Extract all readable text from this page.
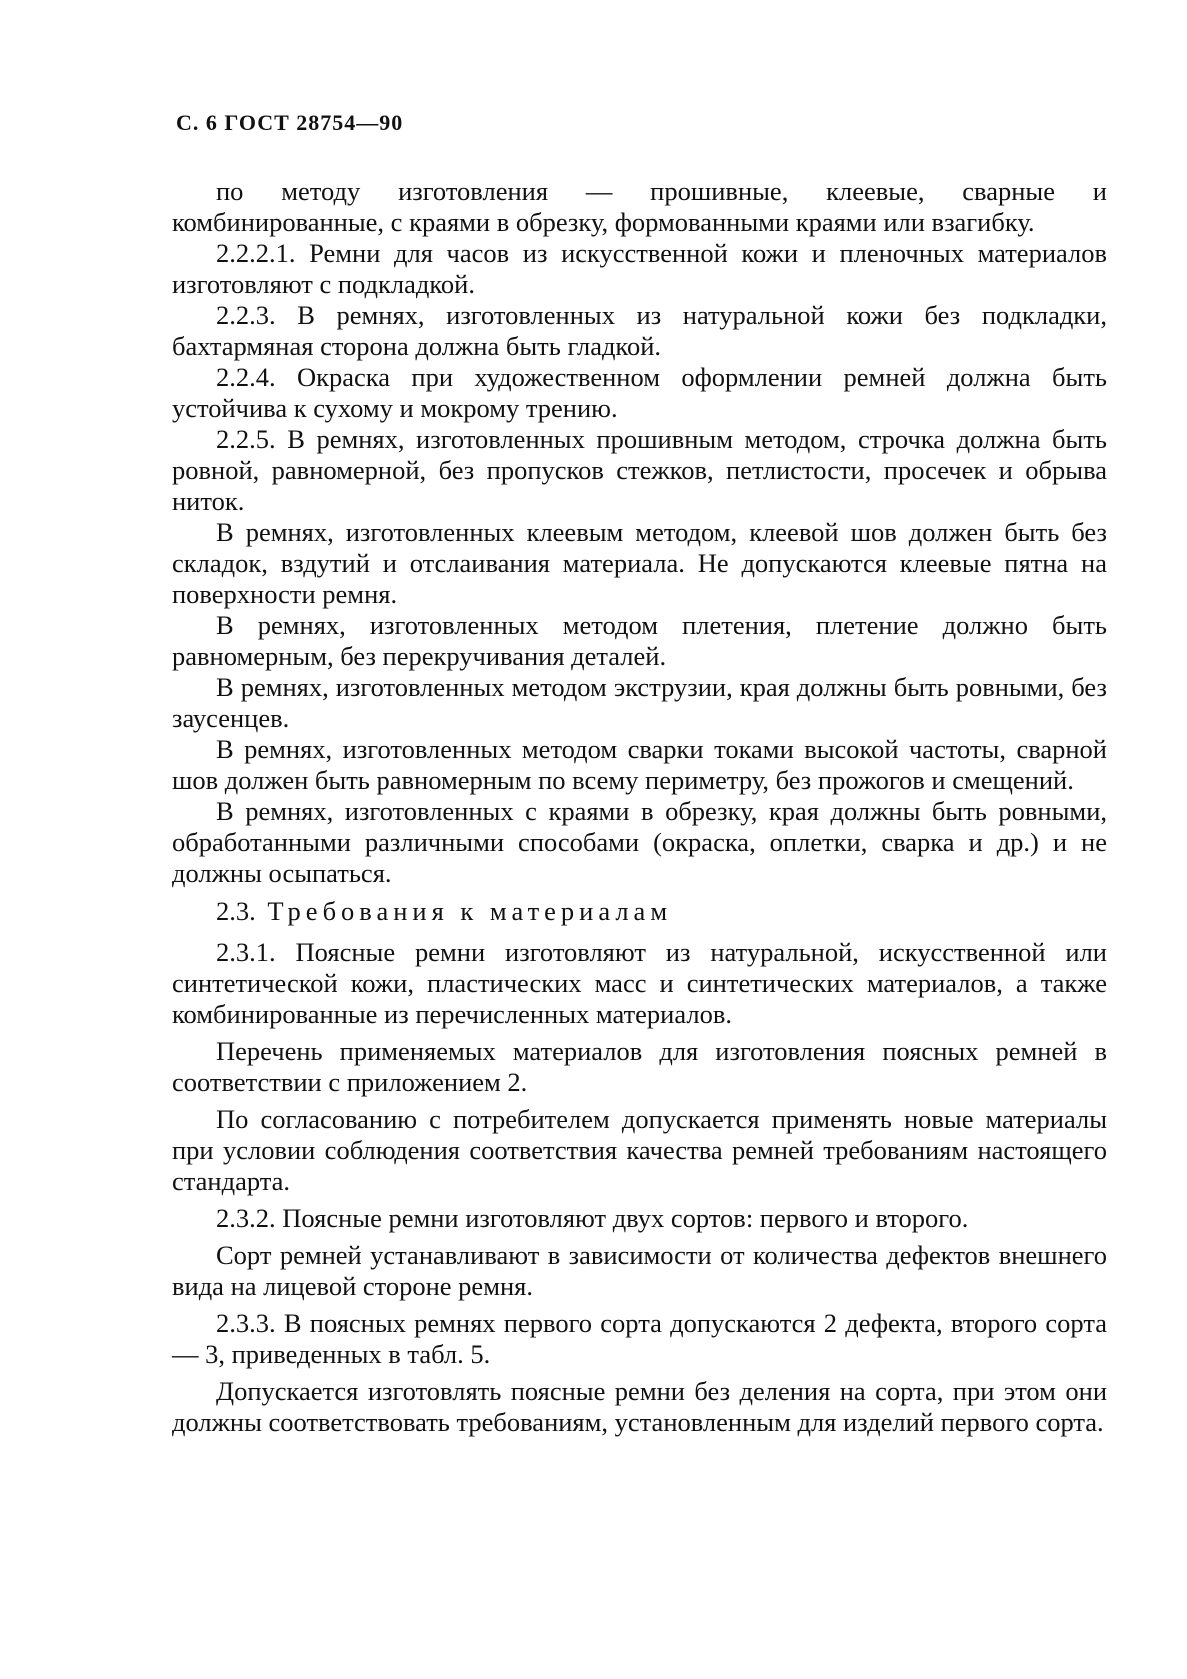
С. 6 ГОСТ 28754—90

по методу изготовления — прошивные, клеевые, сварные и комбинированные, с краями в обрезку, формованными краями или взагибку.

2.2.2.1. Ремни для часов из искусственной кожи и пленочных материалов изготовляют с подкладкой.

2.2.3. В ремнях, изготовленных из натуральной кожи без подкладки, бахтармяная сторона должна быть гладкой.

2.2.4. Окраска при художественном оформлении ремней должна быть устойчива к сухому и мокрому трению.

2.2.5. В ремнях, изготовленных прошивным методом, строчка должна быть ровной, равномерной, без пропусков стежков, петлистости, просечек и обрыва ниток.

В ремнях, изготовленных клеевым методом, клеевой шов должен быть без складок, вздутий и отслаивания материала. Не допускаются клеевые пятна на поверхности ремня.

В ремнях, изготовленных методом плетения, плетение должно быть равномерным, без перекручивания деталей.

В ремнях, изготовленных методом экструзии, края должны быть ровными, без заусенцев.

В ремнях, изготовленных методом сварки токами высокой частоты, сварной шов должен быть равномерным по всему периметру, без прожогов и смещений.

В ремнях, изготовленных с краями в обрезку, края должны быть ровными, обработанными различными способами (окраска, оплетки, сварка и др.) и не должны осыпаться.

2.3. Требования к материалам

2.3.1. Поясные ремни изготовляют из натуральной, искусственной или синтетической кожи, пластических масс и синтетических материалов, а также комбинированные из перечисленных материалов.

Перечень применяемых материалов для изготовления поясных ремней в соответствии с приложением 2.

По согласованию с потребителем допускается применять новые материалы при условии соблюдения соответствия качества ремней требованиям настоящего стандарта.

2.3.2. Поясные ремни изготовляют двух сортов: первого и второго.

Сорт ремней устанавливают в зависимости от количества дефектов внешнего вида на лицевой стороне ремня.

2.3.3. В поясных ремнях первого сорта допускаются 2 дефекта, второго сорта — 3, приведенных в табл. 5.

Допускается изготовлять поясные ремни без деления на сорта, при этом они должны соответствовать требованиям, установленным для изделий первого сорта.
